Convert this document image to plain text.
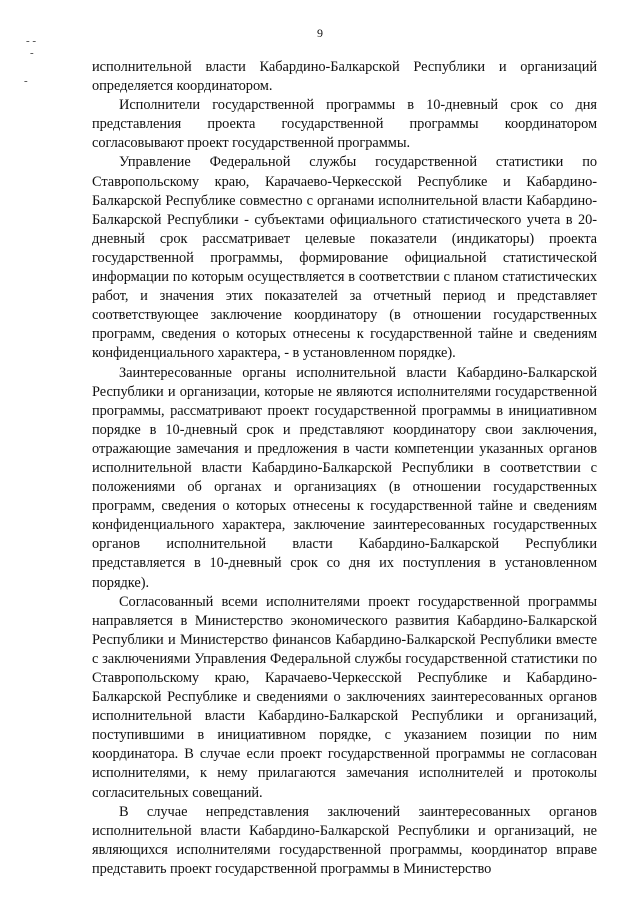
9
‑ ‑
‑
‑

исполнительной власти Кабардино-Балкарской Республики и организаций определяется координатором.

Исполнители государственной программы в 10-дневный срок со дня представления проекта государственной программы координатором согласовывают проект государственной программы.

Управление Федеральной службы государственной статистики по Ставропольскому краю, Карачаево-Черкесской Республике и Кабардино-Балкарской Республике совместно с органами исполнительной власти Кабардино-Балкарской Республики - субъектами официального статистического учета в 20-дневный срок рассматривает целевые показатели (индикаторы) проекта государственной программы, формирование официальной статистической информации по которым осуществляется в соответствии с планом статистических работ, и значения этих показателей за отчетный период и представляет соответствующее заключение координатору (в отношении государственных программ, сведения о которых отнесены к государственной тайне и сведениям конфиденциального характера, - в установленном порядке).

Заинтересованные органы исполнительной власти Кабардино-Балкарской Республики и организации, которые не являются исполнителями государственной программы, рассматривают проект государственной программы в инициативном порядке в 10-дневный срок и представляют координатору свои заключения, отражающие замечания и предложения в части компетенции указанных органов исполнительной власти Кабардино-Балкарской Республики в соответствии с положениями об органах и организациях (в отношении государственных программ, сведения о которых отнесены к государственной тайне и сведениям конфиденциального характера, заключение заинтересованных государственных органов исполнительной власти Кабардино-Балкарской Республики представляется в 10-дневный срок со дня их поступления в установленном порядке).

Согласованный всеми исполнителями проект государственной программы направляется в Министерство экономического развития Кабардино-Балкарской Республики и Министерство финансов Кабардино-Балкарской Республики вместе с заключениями Управления Федеральной службы государственной статистики по Ставропольскому краю, Карачаево-Черкесской Республике и Кабардино-Балкарской Республике и сведениями о заключениях заинтересованных органов исполнительной власти Кабардино-Балкарской Республики и организаций, поступившими в инициативном порядке, с указанием позиции по ним координатора. В случае если проект государственной программы не согласован исполнителями, к нему прилагаются замечания исполнителей и протоколы согласительных совещаний.

В случае непредставления заключений заинтересованных органов исполнительной власти Кабардино-Балкарской Республики и организаций, не являющихся исполнителями государственной программы, координатор вправе представить проект государственной программы в Министерство
